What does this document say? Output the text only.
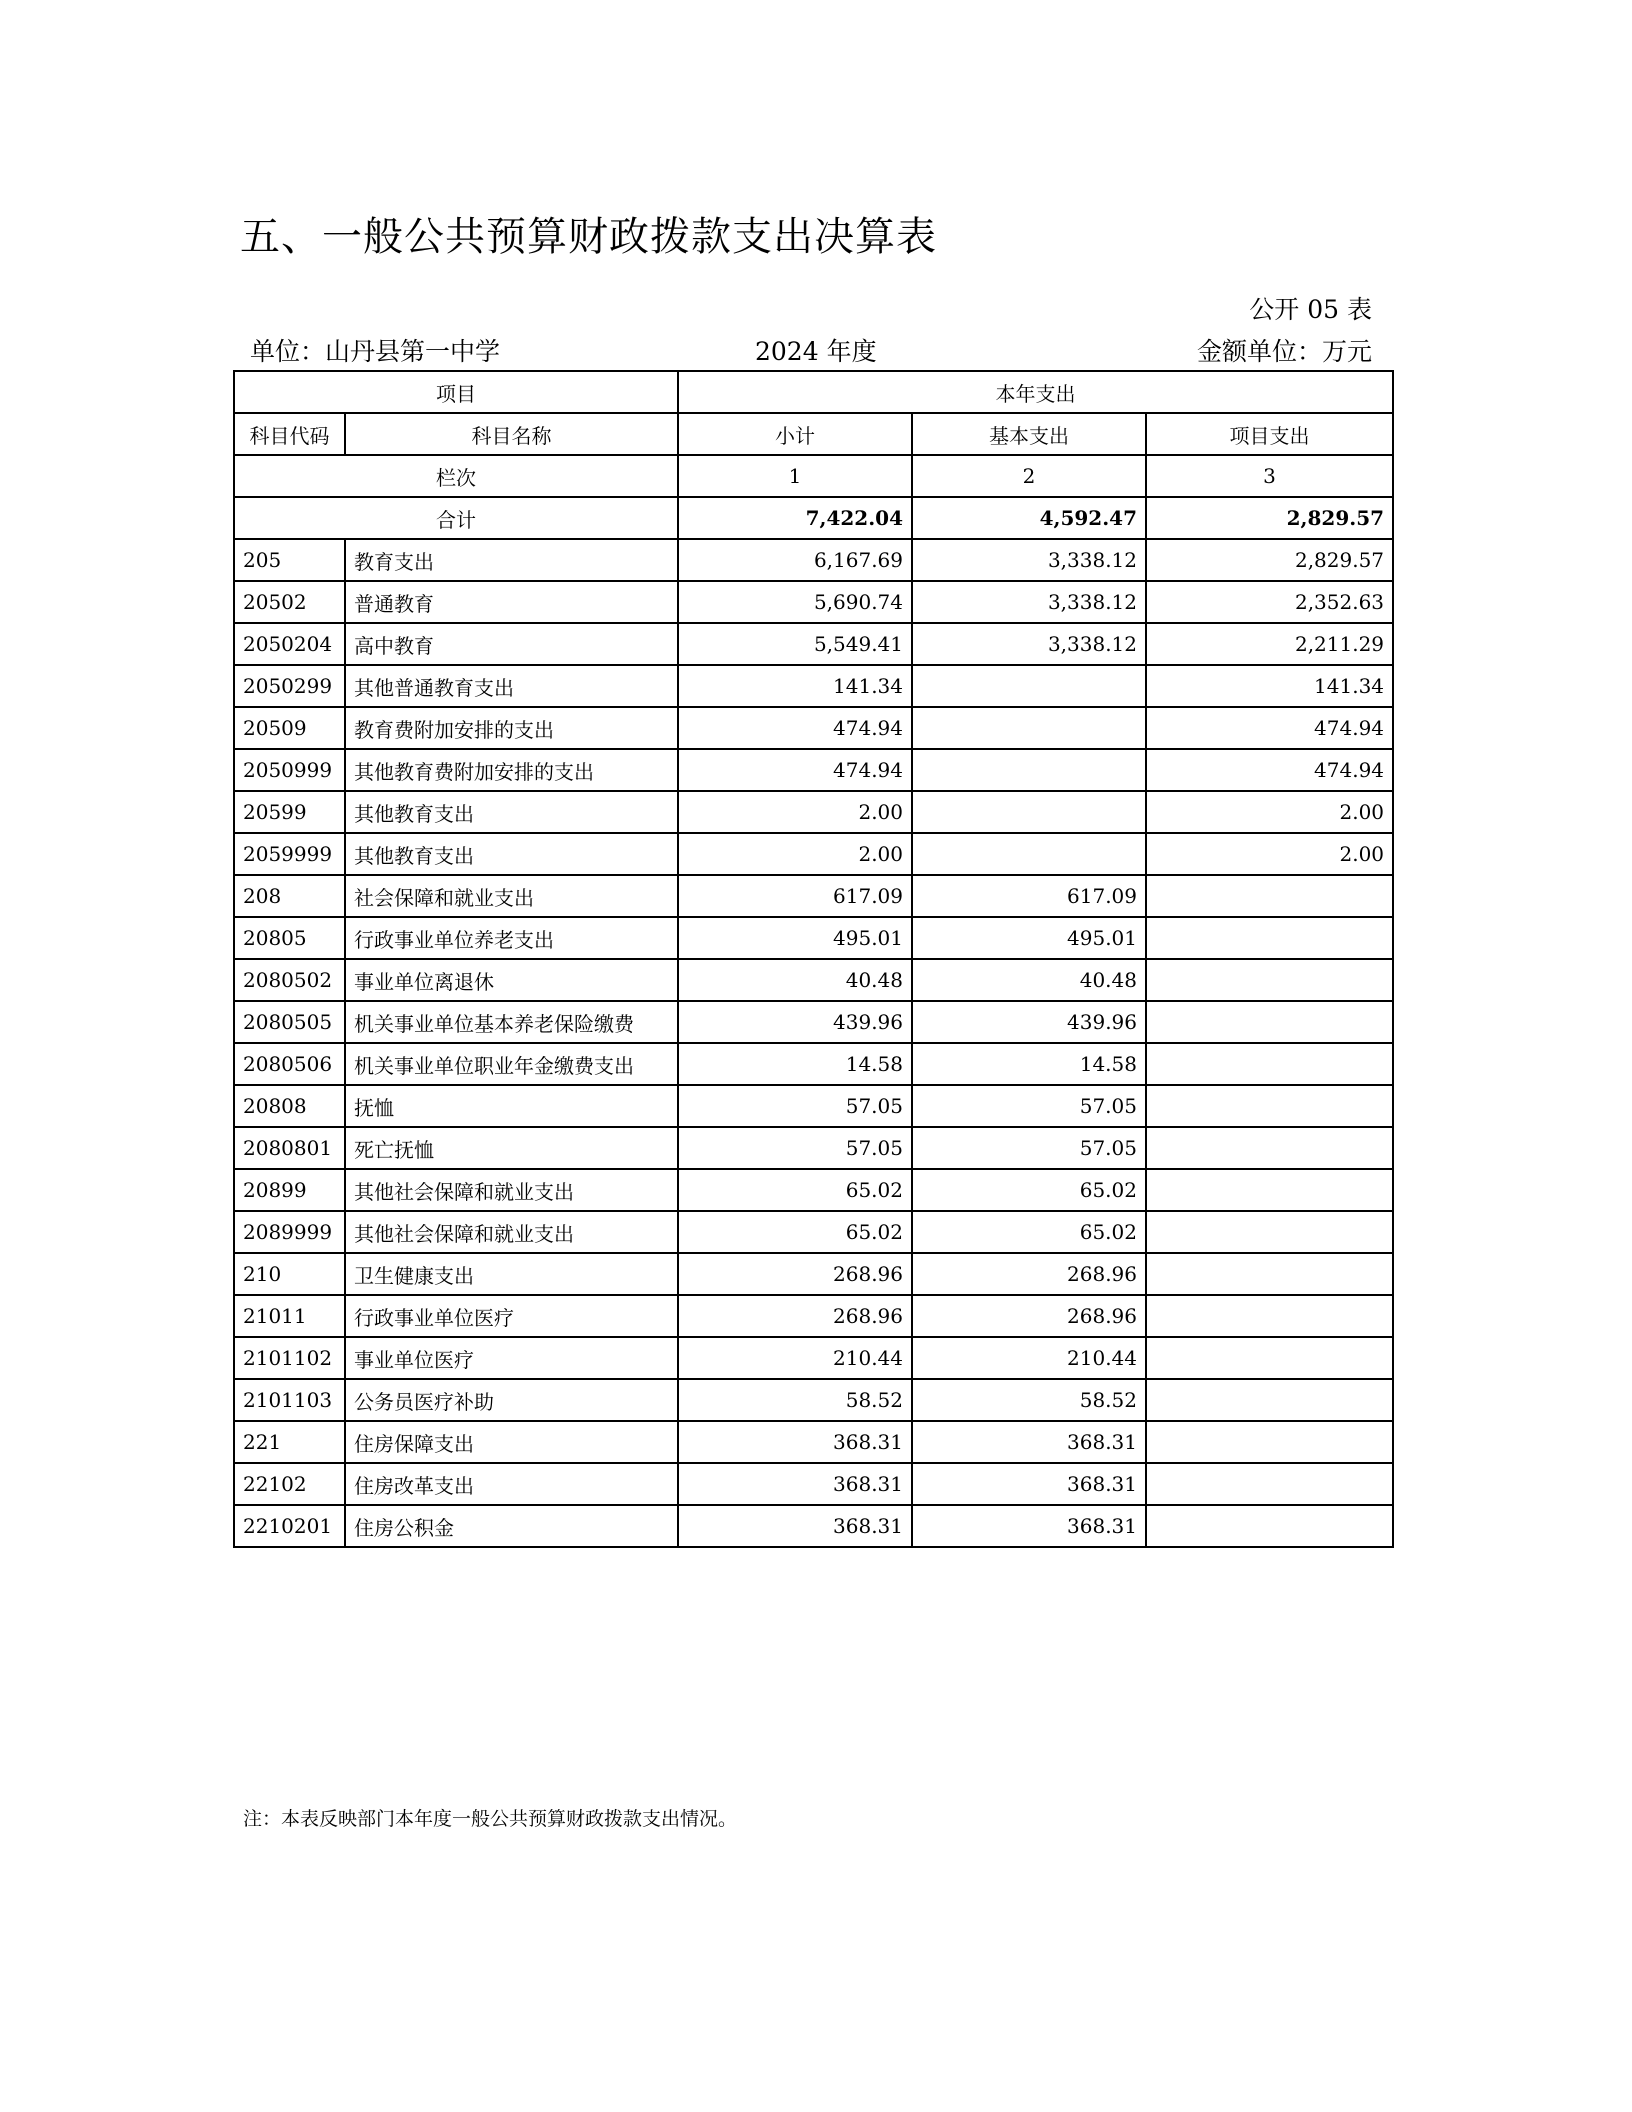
五、一般公共预算财政拨款支出决算表
公开 05 表
单位：山丹县第一中学	2024 年度	金额单位：万元
项目		本年支出		
科目代码	科目名称	小计	基本支出	项目支出
栏次		1	2	3
合计		7,422.04	4,592.47	2,829.57
205	教育支出	6,167.69	3,338.12	2,829.57
20502	普通教育	5,690.74	3,338.12	2,352.63
2050204	高中教育	5,549.41	3,338.12	2,211.29
2050299	其他普通教育支出	141.34		141.34
20509	教育费附加安排的支出	474.94		474.94
2050999	其他教育费附加安排的支出	474.94		474.94
20599	其他教育支出	2.00		2.00
2059999	其他教育支出	2.00		2.00
208	社会保障和就业支出	617.09	617.09	
20805	行政事业单位养老支出	495.01	495.01	
2080502	事业单位离退休	40.48	40.48	
2080505	机关事业单位基本养老保险缴费	439.96	439.96	
2080506	机关事业单位职业年金缴费支出	14.58	14.58	
20808	抚恤	57.05	57.05	
2080801	死亡抚恤	57.05	57.05	
20899	其他社会保障和就业支出	65.02	65.02	
2089999	其他社会保障和就业支出	65.02	65.02	
210	卫生健康支出	268.96	268.96	
21011	行政事业单位医疗	268.96	268.96	
2101102	事业单位医疗	210.44	210.44	
2101103	公务员医疗补助	58.52	58.52	
221	住房保障支出	368.31	368.31	
22102	住房改革支出	368.31	368.31	
2210201	住房公积金	368.31	368.31	
注：本表反映部门本年度一般公共预算财政拨款支出情况。
